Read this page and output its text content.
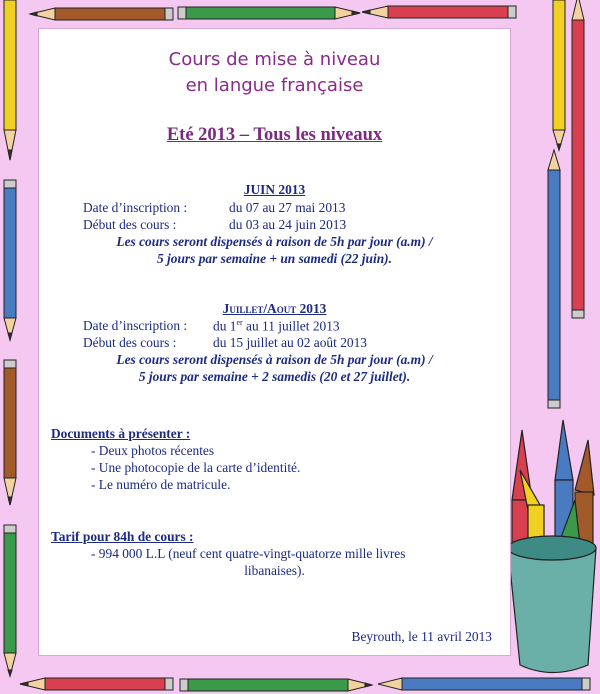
Cours de mise à niveau
en langue française
Eté 2013 – Tous les niveaux
JUIN 2013
Date d’inscription :	du 07 au 27 mai 2013
Début des cours :	du 03 au 24 juin 2013
Les cours seront dispensés à raison de 5h par jour (a.m) /
5 jours par semaine + un samedi (22 juin).
Juillet/Aout 2013
Date d’inscription : du 1er au 11 juillet 2013
Début des cours :	du 15 juillet au 02 août 2013
Les cours seront dispensés à raison de 5h par jour (a.m) /
5 jours par semaine + 2 samedis (20 et 27 juillet).
Documents à présenter :
- Deux photos récentes
- Une photocopie de la carte d’identité.
- Le numéro de matricule.
Tarif pour 84h de cours :
- 994 000 L.L (neuf cent quatre-vingt-quatorze mille livres
libanaises).
Beyrouth, le 11 avril 2013
